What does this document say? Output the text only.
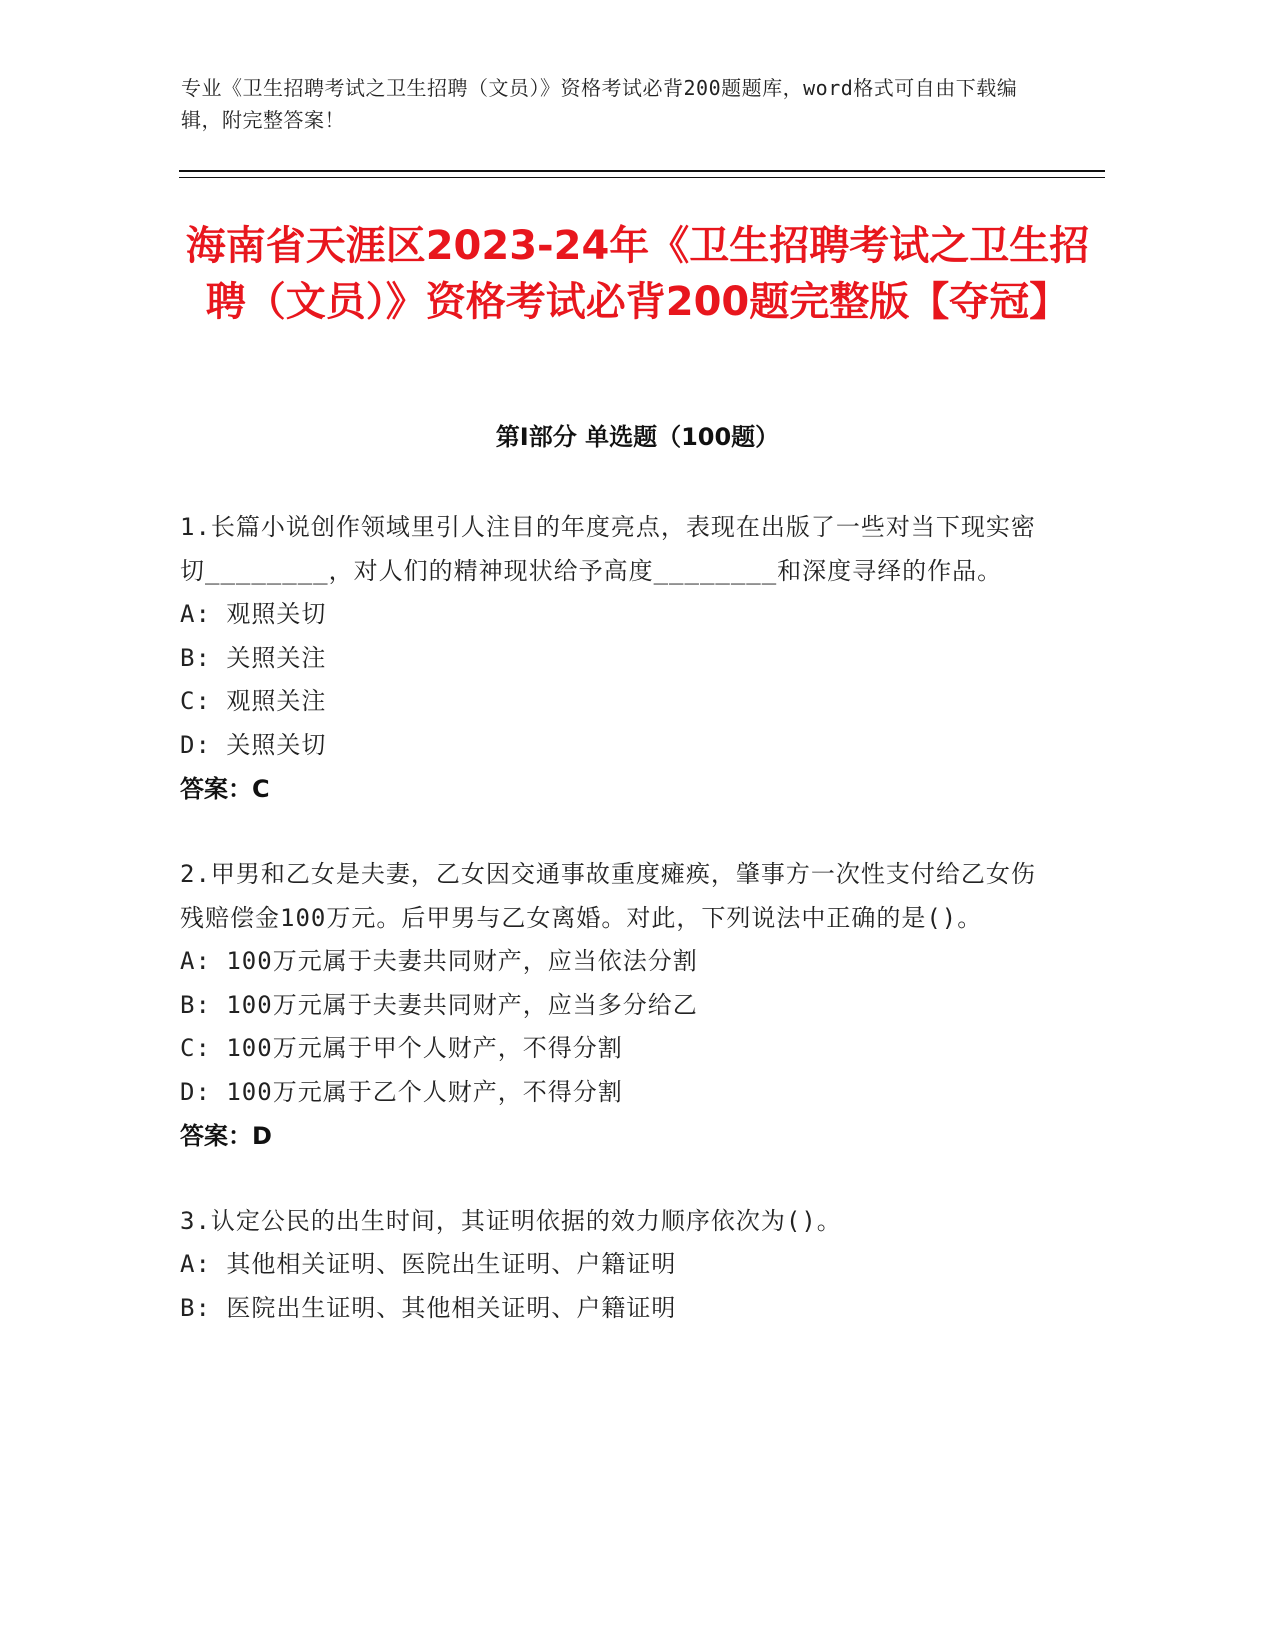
专业《卫生招聘考试之卫生招聘（文员）》资格考试必背200题题库，word格式可自由下载编辑，附完整答案！
海南省天涯区2023-24年《卫生招聘考试之卫生招聘（文员）》资格考试必背200题完整版【夺冠】
第Ⅰ部分 单选题（100题）
1.长篇小说创作领域里引人注目的年度亮点，表现在出版了一些对当下现实密切________，对人们的精神现状给予高度________和深度寻绎的作品。
A: 观照关切
B: 关照关注
C: 观照关注
D: 关照关切
答案：C
2.甲男和乙女是夫妻，乙女因交通事故重度瘫痪，肇事方一次性支付给乙女伤残赔偿金100万元。后甲男与乙女离婚。对此，下列说法中正确的是()。
A: 100万元属于夫妻共同财产，应当依法分割
B: 100万元属于夫妻共同财产，应当多分给乙
C: 100万元属于甲个人财产，不得分割
D: 100万元属于乙个人财产，不得分割
答案：D
3.认定公民的出生时间，其证明依据的效力顺序依次为()。
A: 其他相关证明、医院出生证明、户籍证明
B: 医院出生证明、其他相关证明、户籍证明
